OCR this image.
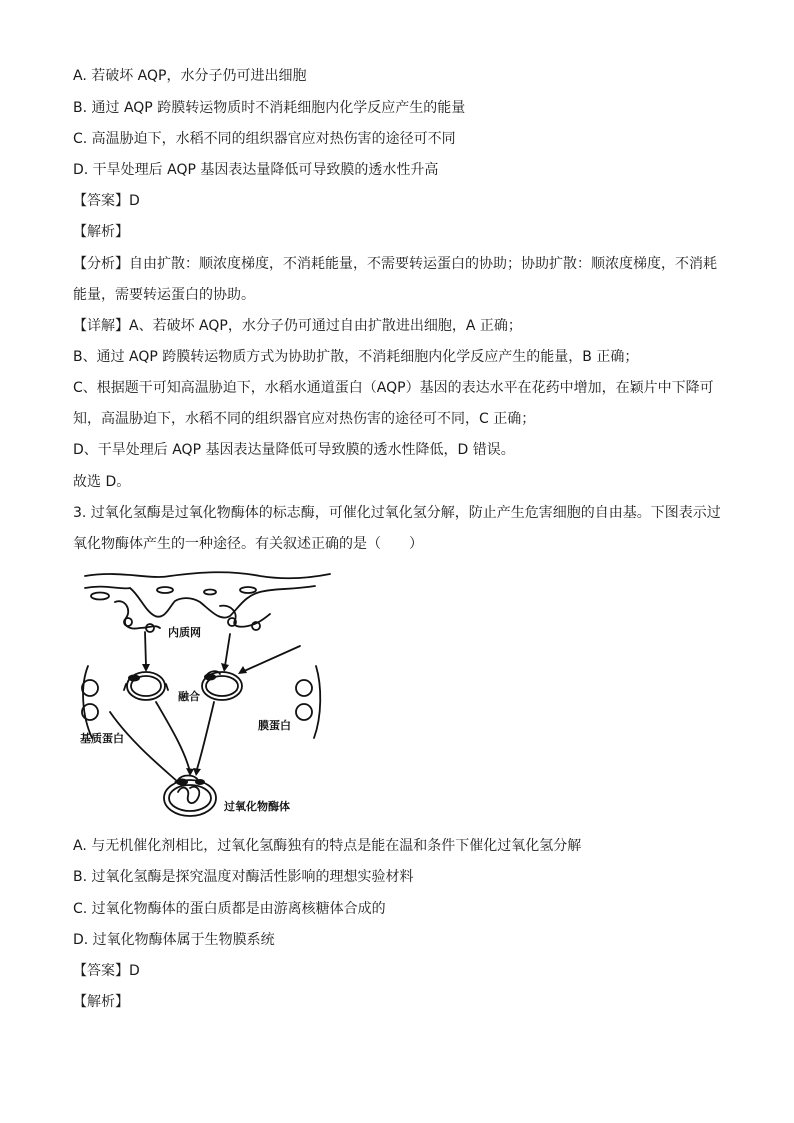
A. 若破坏 AQP，水分子仍可进出细胞
B. 通过 AQP 跨膜转运物质时不消耗细胞内化学反应产生的能量
C. 高温胁迫下，水稻不同的组织器官应对热伤害的途径可不同
D. 干旱处理后 AQP 基因表达量降低可导致膜的透水性升高
【答案】D
【解析】
【分析】自由扩散：顺浓度梯度，不消耗能量，不需要转运蛋白的协助；协助扩散：顺浓度梯度，不消耗
能量，需要转运蛋白的协助。
【详解】A、若破坏 AQP，水分子仍可通过自由扩散进出细胞，A 正确；
B、通过 AQP 跨膜转运物质方式为协助扩散，不消耗细胞内化学反应产生的能量，B 正确；
C、根据题干可知高温胁迫下，水稻水通道蛋白（AQP）基因的表达水平在花药中增加，在颖片中下降可
知，高温胁迫下，水稻不同的组织器官应对热伤害的途径可不同，C 正确；
D、干旱处理后 AQP 基因表达量降低可导致膜的透水性降低，D 错误。
故选 D。
3. 过氧化氢酶是过氧化物酶体的标志酶，可催化过氧化氢分解，防止产生危害细胞的自由基。下图表示过
氧化物酶体产生的一种途径。有关叙述正确的是（　　）
内质网
融合
膜蛋白
基质蛋白
过氧化物酶体
A. 与无机催化剂相比，过氧化氢酶独有的特点是能在温和条件下催化过氧化氢分解
B. 过氧化氢酶是探究温度对酶活性影响的理想实验材料
C. 过氧化物酶体的蛋白质都是由游离核糖体合成的
D. 过氧化物酶体属于生物膜系统
【答案】D
【解析】
